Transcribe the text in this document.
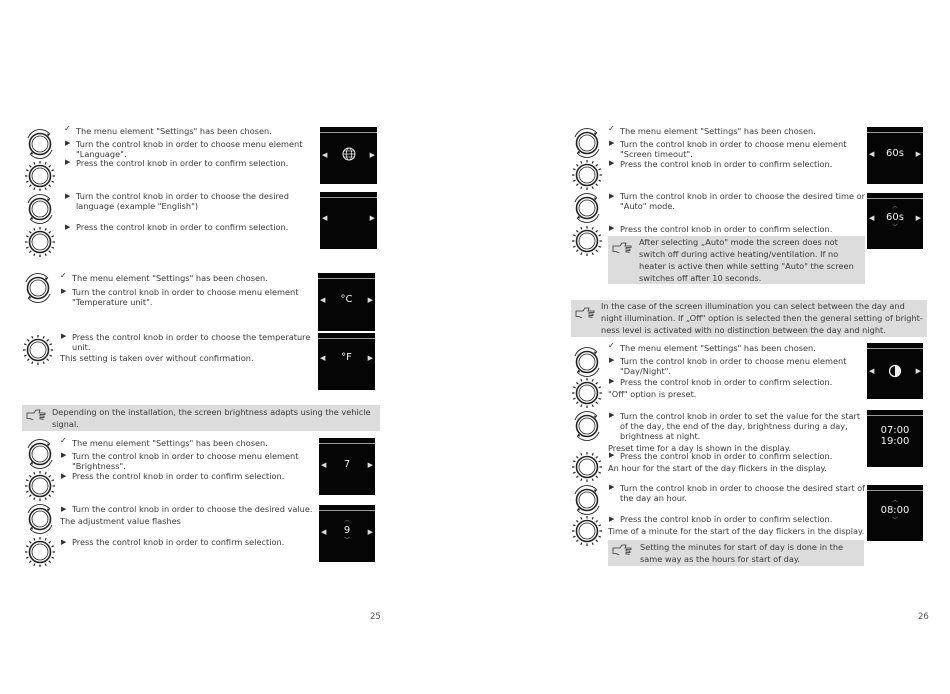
✓ The menu element "Settings" has been chosen.
▶ Turn the control knob in order to choose menu element
"Language".
▶ Press the control knob in order to confirm selection.
▶ Turn the control knob in order to choose the desired
language (example "English")
▶ Press the control knob in order to confirm selection.
◀	▶
◀	▶
✓ The menu element "Settings" has been chosen.
▶ Turn the control knob in order to choose menu element
"Temperature unit".
▶ Press the control knob in order to choose the temperature
unit.
This setting is taken over without confirmation.
◀	▶
°C
◀	▶
°F
Depending on the installation, the screen brightness adapts using the vehicle
signal.
✓ The menu element "Settings" has been chosen.
▶ Turn the control knob in order to choose menu element
"Brightness".
▶ Press the control knob in order to confirm selection.
▶ Turn the control knob in order to choose the desired value.
The adjustment value flashes
▶ Press the control knob in order to confirm selection.
◀	▶
7
◀	▶
︵
9
︶
25
✓ The menu element "Settings" has been chosen.
▶ Turn the control knob in order to choose menu element
"Screen timeout".
▶ Press the control knob in order to confirm selection.
▶ Turn the control knob in order to choose the desired time or
"Auto" mode.
▶ Press the control knob in order to confirm selection.
After selecting „Auto" mode the screen does not
switch off during active heating/ventilation. If no
heater is active then while setting "Auto" the screen
switches off after 10 seconds.
◀	▶
60s
◀	▶
︵
60s
︶
In the case of the screen illumination you can select between the day and
night illumination. If „Off" option is selected then the general setting of bright-
ness level is activated with no distinction between the day and night.
✓ The menu element "Settings" has been chosen.
▶ Turn the control knob in order to choose menu element
"Day/Night".
▶ Press the control knob in order to confirm selection.
"Off" option is preset.
▶ Turn the control knob in order to set the value for the start
of the day, the end of the day, brightness during a day,
brightness at night.
Preset time for a day is shown in the display.
▶ Press the control knob in order to confirm selection.
An hour for the start of the day flickers in the display.
▶ Turn the control knob in order to choose the desired start of
the day an hour.
▶ Press the control knob in order to confirm selection.
Time of a minute for the start of the day flickers in the display.
Setting the minutes for start of day is done in the
same way as the hours for start of day.
◀	▶
07:00
19:00
︵
08:00
︶
26
